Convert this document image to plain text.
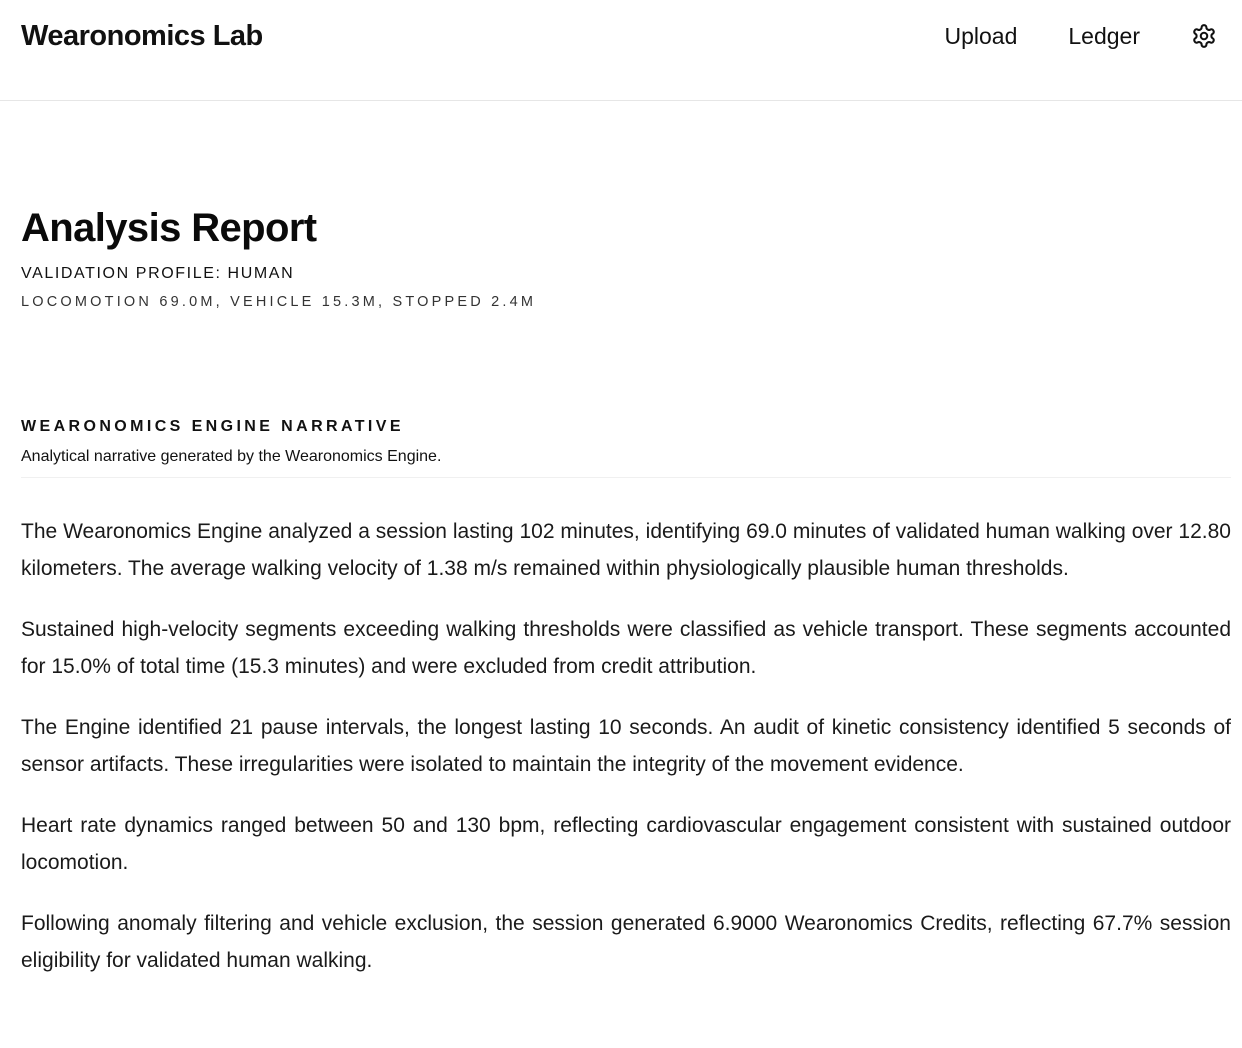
Wearonomics Lab	Upload Ledger
Analysis Report
VALIDATION PROFILE: HUMAN
LOCOMOTION 69.0M, VEHICLE 15.3M, STOPPED 2.4M
WEARONOMICS ENGINE NARRATIVE
Analytical narrative generated by the Wearonomics Engine.

The Wearonomics Engine analyzed a session lasting 102 minutes, identifying 69.0 minutes of validated human walking over 12.80 kilometers. The average walking velocity of 1.38 m/s remained within physiologically plausible human thresholds.

Sustained high-velocity segments exceeding walking thresholds were classified as vehicle transport. These segments accounted for 15.0% of total time (15.3 minutes) and were excluded from credit attribution.

The Engine identified 21 pause intervals, the longest lasting 10 seconds. An audit of kinetic consistency identified 5 seconds of sensor artifacts. These irregularities were isolated to maintain the integrity of the movement evidence.

Heart rate dynamics ranged between 50 and 130 bpm, reflecting cardiovascular engagement consistent with sustained outdoor locomotion.

Following anomaly filtering and vehicle exclusion, the session generated 6.9000 Wearonomics Credits, reflecting 67.7% session eligibility for validated human walking.
